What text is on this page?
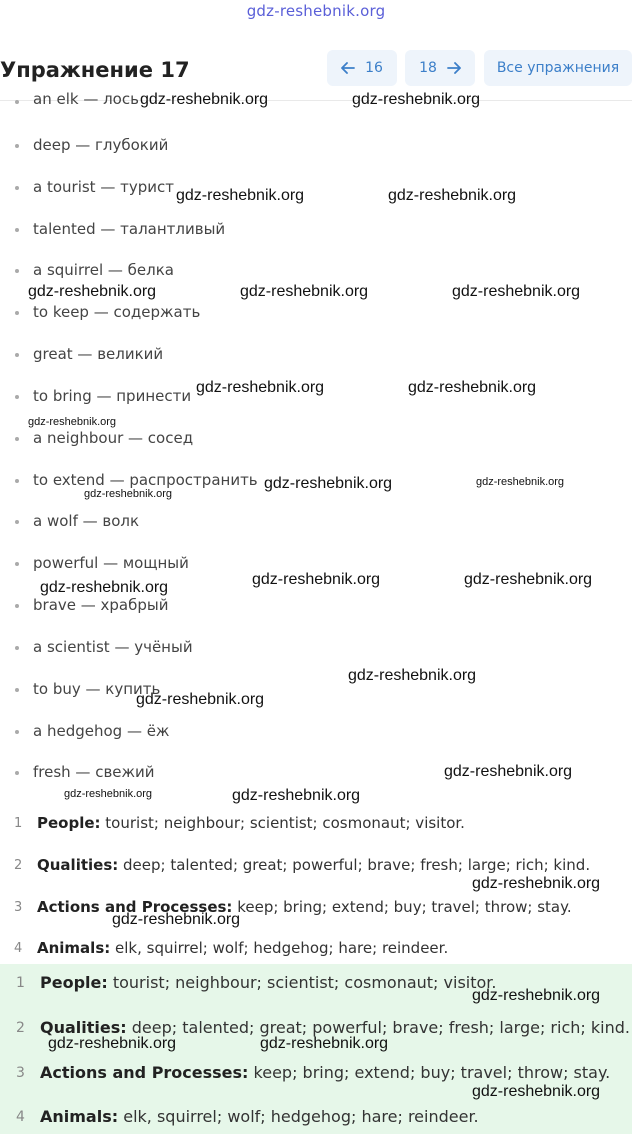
gdz-reshebnik.org
Упражнение 17	16	18	Все упражнения
an elk — лось
deep — глубокий
a tourist — турист
talented — талантливый
a squirrel — белка
to keep — содержать
great — великий
to bring — принести
a neighbour — сосед
to extend — распространить
a wolf — волк
powerful — мощный
brave — храбрый
a scientist — учёный
to buy — купить
a hedgehog — ёж
fresh — свежий
1 People: tourist; neighbour; scientist; cosmonaut; visitor.
2 Qualities: deep; talented; great; powerful; brave; fresh; large; rich; kind.
3 Actions and Processes: keep; bring; extend; buy; travel; throw; stay.
4 Animals: elk, squirrel; wolf; hedgehog; hare; reindeer.
1 People: tourist; neighbour; scientist; cosmonaut; visitor.
2 Qualities: deep; talented; great; powerful; brave; fresh; large; rich; kind.
3 Actions and Processes: keep; bring; extend; buy; travel; throw; stay.
4 Animals: elk, squirrel; wolf; hedgehog; hare; reindeer.
gdz-reshebnik.org	gdz-reshebnik.org
gdz-reshebnik.org	gdz-reshebnik.org
gdz-reshebnik.org	gdz-reshebnik.org	gdz-reshebnik.org
gdz-reshebnik.org	gdz-reshebnik.org
gdz-reshebnik.org
gdz-reshebnik.org	gdz-reshebnik.org
gdz-reshebnik.org
gdz-reshebnik.org	gdz-reshebnik.org	gdz-reshebnik.org
gdz-reshebnik.org
gdz-reshebnik.org
gdz-reshebnik.org
gdz-reshebnik.org	gdz-reshebnik.org
gdz-reshebnik.org
gdz-reshebnik.org
gdz-reshebnik.org
gdz-reshebnik.org	gdz-reshebnik.org
gdz-reshebnik.org
